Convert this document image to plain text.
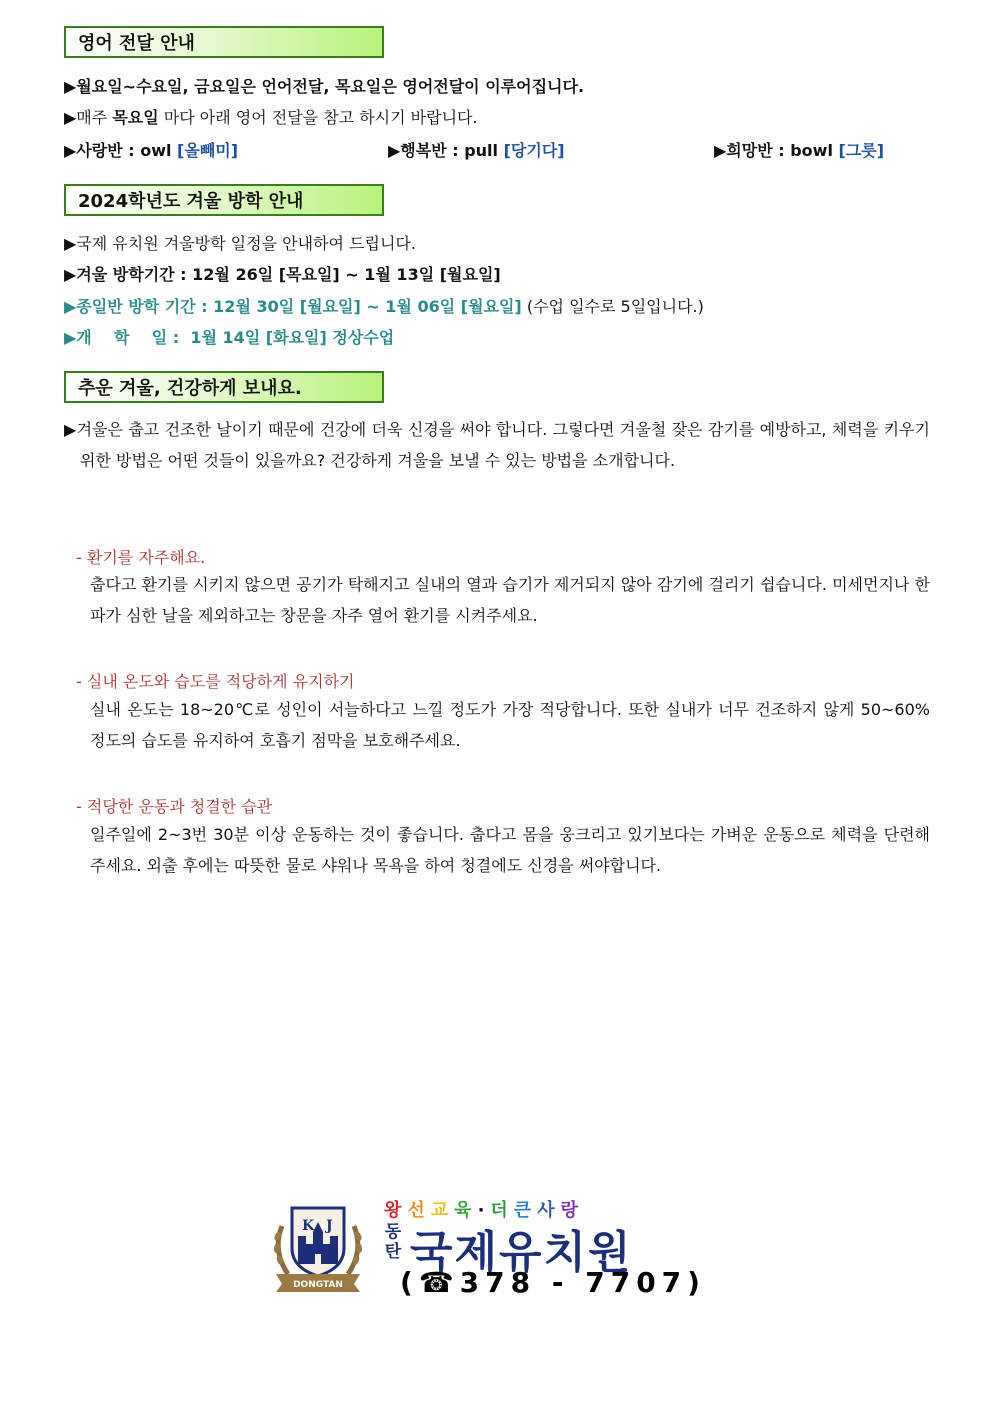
영어 전달 안내
▶월요일~수요일, 금요일은 언어전달, 목요일은 영어전달이 이루어집니다.
▶매주 목요일 마다 아래 영어 전달을 참고 하시기 바랍니다.
▶사랑반 : owl [올빼미]	▶행복반 : pull [당기다]	▶희망반 : bowl [그릇]
2024학년도 겨울 방학 안내
▶국제 유치원 겨울방학 일정을 안내하여 드립니다.
▶겨울 방학기간 : 12월 26일 [목요일] ~ 1월 13일 [월요일]
▶종일반 방학 기간 : 12월 30일 [월요일] ~ 1월 06일 [월요일] (수업 일수로 5일입니다.)
▶개    학    일 :  1월 14일 [화요일] 정상수업
추운 겨울, 건강하게 보내요.
▶겨울은 춥고 건조한 날이기 때문에 건강에 더욱 신경을 써야 합니다. 그렇다면 겨울철 잦은 감기를 예방하고, 체력을 키우기 위한 방법은 어떤 것들이 있을까요? 건강하게 겨울을 보낼 수 있는 방법을 소개합니다.
- 환기를 자주해요.
춥다고 환기를 시키지 않으면 공기가 탁해지고 실내의 열과 습기가 제거되지 않아 감기에 걸리기 쉽습니다. 미세먼지나 한파가 심한 날을 제외하고는 창문을 자주 열어 환기를 시켜주세요.
- 실내 온도와 습도를 적당하게 유지하기
실내 온도는 18~20℃로 성인이 서늘하다고 느낄 정도가 가장 적당합니다. 또한 실내가 너무 건조하지 않게 50~60% 정도의 습도를 유지하여 호흡기 점막을 보호해주세요.
- 적당한 운동과 청결한 습관
일주일에 2~3번 30분 이상 운동하는 것이 좋습니다. 춥다고 몸을 웅크리고 있기보다는 가벼운 운동으로 체력을 단련해주세요. 외출 후에는 따뜻한 물로 샤워나 목욕을 하여 청결에도 신경을 써야합니다.
K J
DONGTAN
왕선교육·더큰사랑
동
탄 국제유치원
(☎378 - 7707)
